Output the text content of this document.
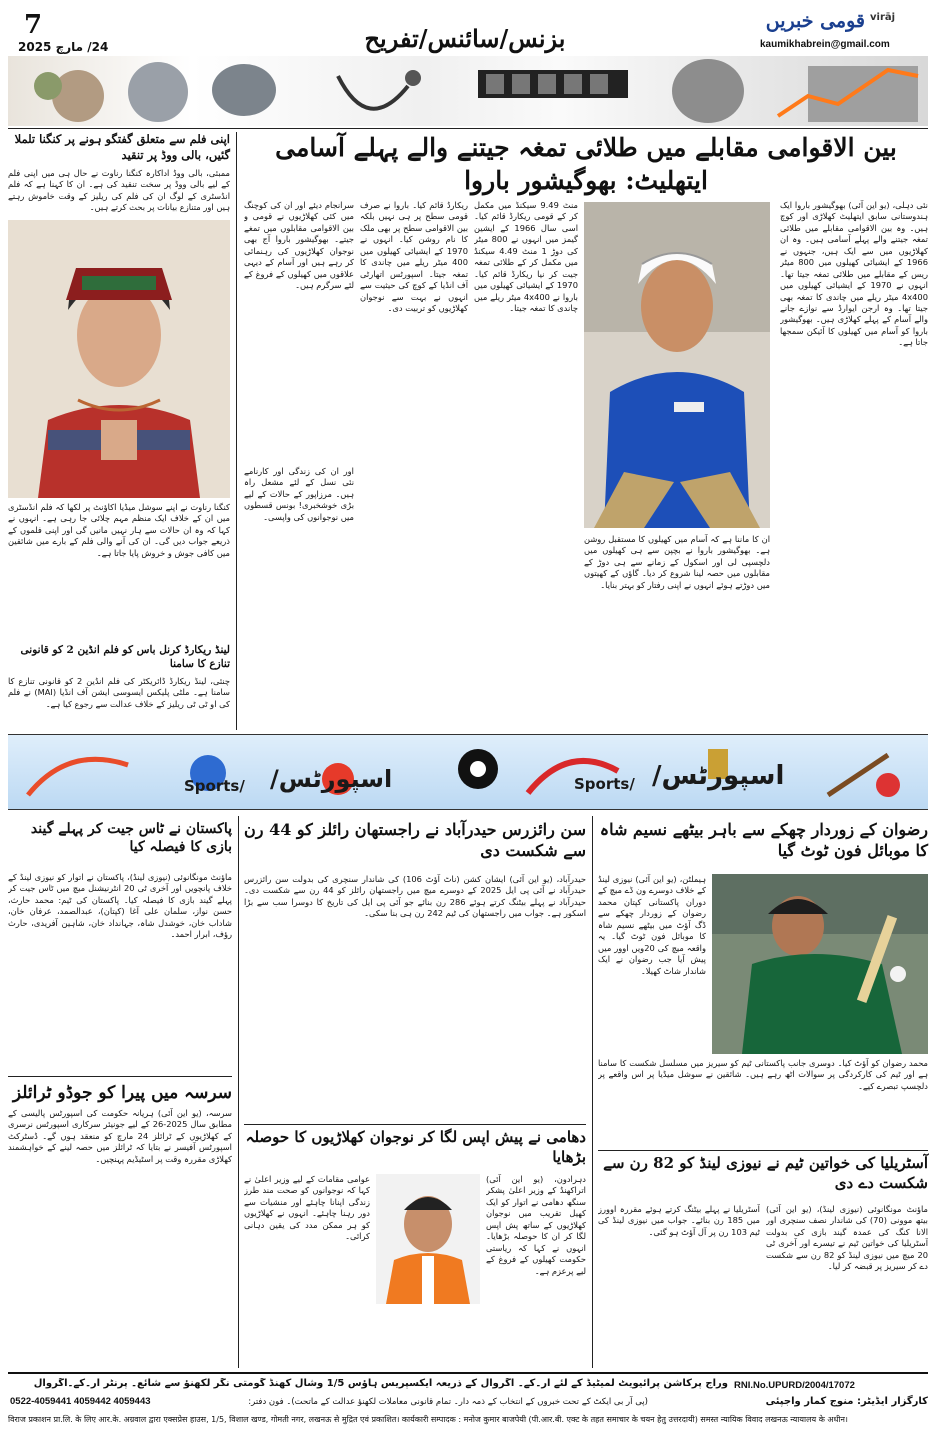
7
24/ مارچ 2025	بزنس/سائنس/تفریح
virāj
قومی خبریں
kaumikhabrein@gmail.com
اپنی فلم سے متعلق گفتگو ہونے پر کنگنا تلملا گئیں، بالی ووڈ پر تنقید
ممبئی، بالی ووڈ اداکارہ کنگنا رناوت نے حال ہی میں اپنی فلم کے لیے بالی ووڈ پر سخت تنقید کی ہے۔ ان کا کہنا ہے کہ فلم انڈسٹری کے لوگ ان کی فلم کی ریلیز کے وقت خاموش رہتے ہیں اور متنازع بیانات پر بحث کرتے ہیں۔
کنگنا رناوت نے اپنے سوشل میڈیا اکاؤنٹ پر لکھا کہ فلم انڈسٹری میں ان کے خلاف ایک منظم مہم چلائی جا رہی ہے۔ انہوں نے کہا کہ وہ ان حالات سے ہار نہیں مانیں گی اور اپنی فلموں کے ذریعے جواب دیں گی۔ ان کی آنے والی فلم کے بارے میں شائقین میں کافی جوش و خروش پایا جاتا ہے۔
لینڈ ریکارڈ کرنل باس کو فلم انڈین 2 کو قانونی تنازع کا سامنا
چنئی، لینڈ ریکارڈ ڈائریکٹر کی فلم انڈین 2 کو قانونی تنازع کا سامنا ہے۔ ملٹی پلیکس ایسوسی ایشن آف انڈیا (MAI) نے فلم کی او ٹی ٹی ریلیز کے خلاف عدالت سے رجوع کیا ہے۔
بین الاقوامی مقابلے میں طلائی تمغہ جیتنے والے پہلے آسامی ایتھلیٹ: بھوگیشور باروا
نئی دہلی، (یو این آئی) بھوگیشور باروا ایک ہندوستانی سابق ایتھلیٹ کھلاڑی اور کوچ ہیں۔ وہ بین الاقوامی مقابلے میں طلائی تمغہ جیتنے والے پہلے آسامی ہیں۔ وہ ان کھلاڑیوں میں سے ایک ہیں، جنہوں نے 1966 کے ایشیائی کھیلوں میں 800 میٹر ریس کے مقابلے میں طلائی تمغہ جیتا تھا۔ انہوں نے 1970 کے ایشیائی کھیلوں میں 4x400 میٹر ریلے میں چاندی کا تمغہ بھی جیتا تھا۔ وہ ارجن ایوارڈ سے نوازے جانے والے آسام کے پہلے کھلاڑی ہیں۔ بھوگیشور باروا کو آسام میں کھیلوں کا آئیکن سمجھا جاتا ہے۔
ان کا ماننا ہے کہ آسام میں کھیلوں کا مستقبل روشن ہے۔ بھوگیشور باروا نے بچپن سے ہی کھیلوں میں دلچسپی لی اور اسکول کے زمانے سے ہی دوڑ کے مقابلوں میں حصہ لینا شروع کر دیا۔ گاؤں کے کھیتوں میں دوڑتے ہوئے انہوں نے اپنی رفتار کو بہتر بنایا۔
منٹ 9.49 سیکنڈ میں مکمل کر کے قومی ریکارڈ قائم کیا۔ اسی سال 1966 کے ایشین گیمز میں انہوں نے 800 میٹر کی دوڑ 1 منٹ 4.49 سیکنڈ میں مکمل کر کے طلائی تمغہ جیت کر نیا ریکارڈ قائم کیا۔ 1970 کے ایشیائی کھیلوں میں باروا نے 4x400 میٹر ریلے میں چاندی کا تمغہ جیتا۔
ریکارڈ قائم کیا۔ باروا نے صرف قومی سطح پر ہی نہیں بلکہ بین الاقوامی سطح پر بھی ملک کا نام روشن کیا۔ انہوں نے 1970 کے ایشیائی کھیلوں میں 400 میٹر ریلے میں چاندی کا تمغہ جیتا۔ اسپورٹس اتھارٹی آف انڈیا کے کوچ کی حیثیت سے انہوں نے بہت سے نوجوان کھلاڑیوں کو تربیت دی۔
سرانجام دیئے اور ان کی کوچنگ میں کئی کھلاڑیوں نے قومی و بین الاقوامی مقابلوں میں تمغے جیتے۔ بھوگیشور باروا آج بھی نوجوان کھلاڑیوں کی رہنمائی کر رہے ہیں اور آسام کے دیہی علاقوں میں کھیلوں کے فروغ کے لئے سرگرم ہیں۔
اور ان کی زندگی اور کارنامے نئی نسل کے لئے مشعل راہ ہیں۔ مرزاپور کے حالات کے لیے بڑی خوشخبری! بونس قسطوں میں نوجوانوں کی واپسی۔
Sports/ اسپورٹس/	Sports/ اسپورٹس/
رضوان کے زوردار چھکے سے باہر بیٹھے نسیم شاہ کا موبائل فون ٹوٹ گیا
ہیملٹن، (یو این آئی) نیوزی لینڈ کے خلاف دوسرے ون ڈے میچ کے دوران پاکستانی کپتان محمد رضوان کے زوردار چھکے سے ڈگ آؤٹ میں بیٹھے نسیم شاہ کا موبائل فون ٹوٹ گیا۔ یہ واقعہ میچ کی 20ویں اوور میں پیش آیا جب رضوان نے ایک شاندار شاٹ کھیلا۔
محمد رضوان کو آؤٹ کیا۔ دوسری جانب پاکستانی ٹیم کو سیریز میں مسلسل شکست کا سامنا ہے اور ٹیم کی کارکردگی پر سوالات اٹھ رہے ہیں۔ شائقین نے سوشل میڈیا پر اس واقعے پر دلچسپ تبصرے کیے۔
آسٹریلیا کی خواتین ٹیم نے نیوزی لینڈ کو 82 رن سے شکست دے دی
ماؤنٹ مونگانوئی (نیوزی لینڈ)، (یو این آئی) بیتھ موونی (70) کی شاندار نصف سنچری اور الانا کنگ کی عمدہ گیند بازی کی بدولت آسٹریلیا کی خواتین ٹیم نے تیسرے اور آخری ٹی 20 میچ میں نیوزی لینڈ کو 82 رن سے شکست دے کر سیریز پر قبضہ کر لیا۔
آسٹریلیا نے پہلے بیٹنگ کرتے ہوئے مقررہ اوورز میں 185 رن بنائے۔ جواب میں نیوزی لینڈ کی ٹیم 103 رن پر آل آؤٹ ہو گئی۔
سن رائزرس حیدرآباد نے راجستھان رائلز کو 44 رن سے شکست دی
حیدرآباد، (یو این آئی) ایشان کشن (ناٹ آؤٹ 106) کی شاندار سنچری کی بدولت سن رائزرس حیدرآباد نے آئی پی ایل 2025 کے دوسرے میچ میں راجستھان رائلز کو 44 رن سے شکست دی۔ حیدرآباد نے پہلے بیٹنگ کرتے ہوئے 286 رن بنائے جو آئی پی ایل کی تاریخ کا دوسرا سب سے بڑا اسکور ہے۔ جواب میں راجستھان کی ٹیم 242 رن ہی بنا سکی۔
دھامی نے پیش اپس لگا کر نوجوان کھلاڑیوں کا حوصلہ بڑھایا
دہرادون، (یو این آئی) اتراکھنڈ کے وزیر اعلیٰ پشکر سنگھ دھامی نے اتوار کو ایک کھیل تقریب میں نوجوان کھلاڑیوں کے ساتھ پش اپس لگا کر ان کا حوصلہ بڑھایا۔ انہوں نے کہا کہ ریاستی حکومت کھیلوں کے فروغ کے لیے پرعزم ہے۔
عوامی مقامات کے لیے وزیر اعلیٰ نے کہا کہ نوجوانوں کو صحت مند طرز زندگی اپنانا چاہئے اور منشیات سے دور رہنا چاہئے۔ انہوں نے کھلاڑیوں کو ہر ممکن مدد کی یقین دہانی کرائی۔
پاکستان نے ٹاس جیت کر پہلے گیند بازی کا فیصلہ کیا
ماؤنٹ مونگانوئی (نیوزی لینڈ)، پاکستان نے اتوار کو نیوزی لینڈ کے خلاف پانچویں اور آخری ٹی 20 انٹرنیشنل میچ میں ٹاس جیت کر پہلے گیند بازی کا فیصلہ کیا۔ پاکستان کی ٹیم: محمد حارث، حسن نواز، سلمان علی آغا (کپتان)، عبدالصمد، عرفان خان، شاداب خان، خوشدل شاہ، جہانداد خان، شاہین آفریدی، حارث رؤف، ابرار احمد۔
سرسہ میں پیرا کو جوڈو ٹرائلز
سرسہ، (یو این آئی) ہریانہ حکومت کی اسپورٹس پالیسی کے مطابق سال 2025-26 کے لیے جونیئر سرکاری اسپورٹس نرسری کے کھلاڑیوں کے ٹرائلز 24 مارچ کو منعقد ہوں گے۔ ڈسٹرکٹ اسپورٹس آفیسر نے بتایا کہ ٹرائلز میں حصہ لینے کے خواہشمند کھلاڑی مقررہ وقت پر اسٹیڈیم پہنچیں۔
RNI.No.UPURD/2004/17072
وراج پرکاشن پرائیویٹ لمیٹیڈ کے لئے آر۔کے۔ اگروال کے ذریعہ ایکسپریس ہاؤس 1/5 وشال کھنڈ گومتی نگر لکھنؤ سے شائع۔ پرنٹر آر۔کے۔اگروال
کارگزار ایڈیٹر: منوج کمار واجپئی
(پی آر بی ایکٹ کے تحت خبروں کے انتخاب کے ذمہ دار۔ تمام قانونی معاملات لکھنؤ عدالت کے ماتحت)۔ فون دفتر:
0522-4059441 4059442 4059443
विराज प्रकाशन प्रा.लि. के लिए आर.के. अग्रवाल द्वारा एक्सप्रेस हाउस, 1/5, विशाल खण्ड, गोमती नगर, लखनऊ से मुद्रित एवं प्रकाशित। कार्यकारी सम्पादक : मनोज कुमार बाजपेयी (पी.आर.बी. एक्ट के तहत समाचार के चयन हेतु उत्तरदायी) समस्त न्यायिक विवाद लखनऊ न्यायालय के अधीन।
